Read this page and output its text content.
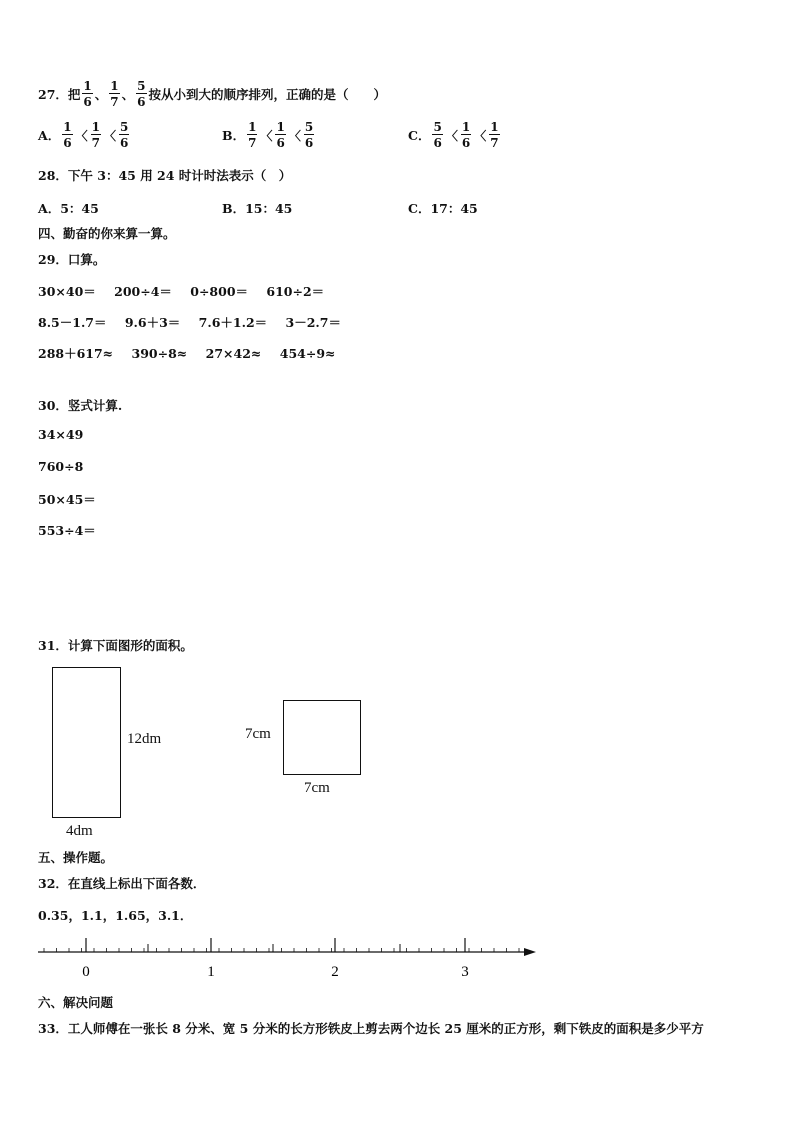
27．把 $\frac{1}{6}$ 、 $\frac{1}{7}$ 、 $\frac{5}{6}$ 按从小到大的顺序排列，正确的是（　　）
A． $\frac{1}{6}$ 〈 $\frac{1}{7}$ 〈 $\frac{5}{6}$	B． $\frac{1}{7}$ 〈 $\frac{1}{6}$ 〈 $\frac{5}{6}$	C． $\frac{5}{6}$ 〈 $\frac{1}{6}$ 〈 $\frac{1}{7}$
28．下午 3：45 用 24 时计时法表示（　）
A．5：45	B．15：45	C．17：45
四、勤奋的你来算一算。
29．口算。
30×40＝ 200÷4＝ 0÷800＝ 610÷2＝
8.5－1.7＝ 9.6＋3＝ 7.6＋1.2＝ 3－2.7＝
288＋617≈ 390÷8≈ 27×42≈ 454÷9≈
30．竖式计算.
34×49
760÷8
50×45＝
553÷4＝
31．计算下面图形的面积。
12dm
4dm
7cm
7cm
五、操作题。
32．在直线上标出下面各数．
0.35，1.1，1.65，3.1．
0	1	2	3
六、解决问题
33．工人师傅在一张长 8 分米、宽 5 分米的长方形铁皮上剪去两个边长 25 厘米的正方形，剩下铁皮的面积是多少平方
